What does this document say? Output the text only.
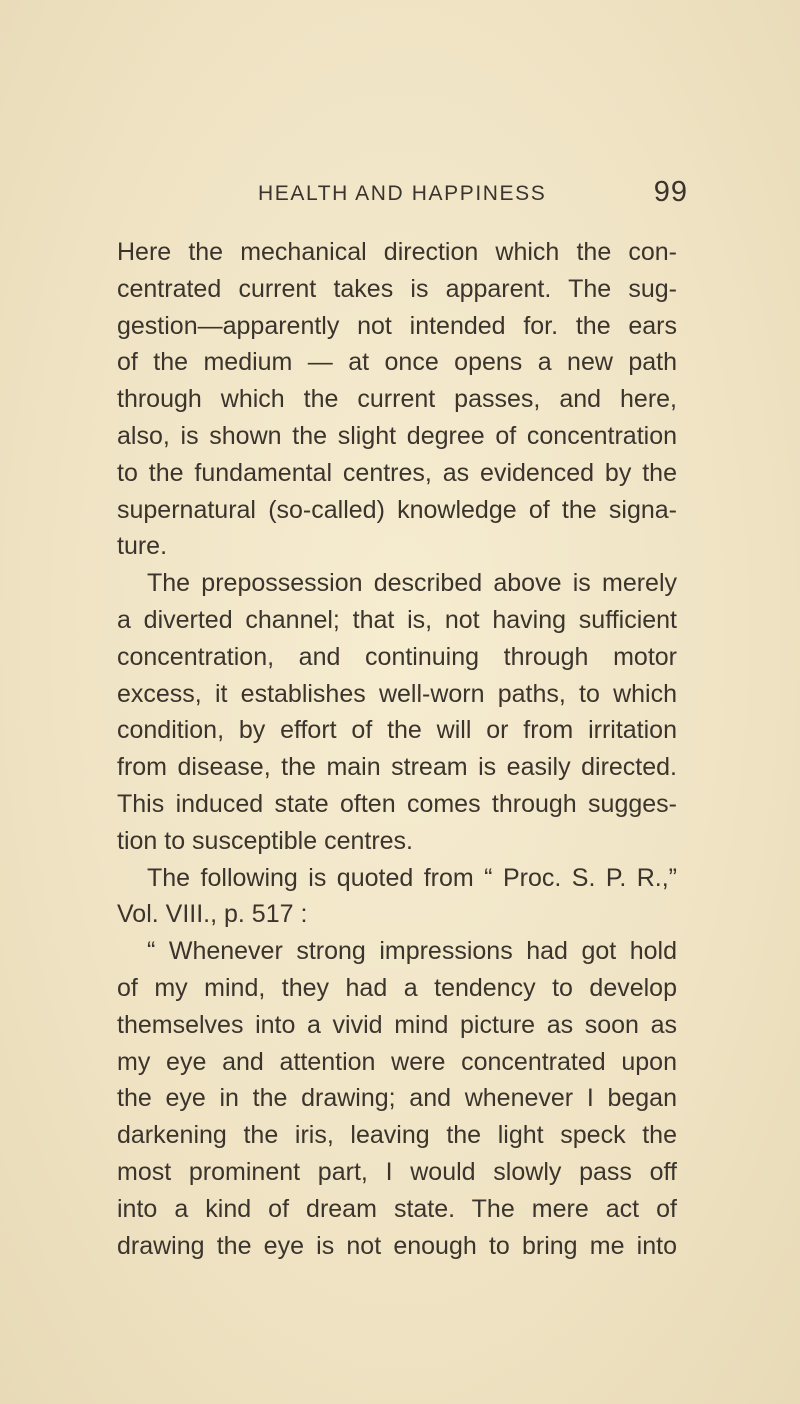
HEALTH AND HAPPINESS	99
Here the mechanical direction which the con-
centrated current takes is apparent. The sug-
gestion—apparently not intended for. the ears
of the medium — at once opens a new path
through which the current passes, and here,
also, is shown the slight degree of concentration
to the fundamental centres, as evidenced by the
supernatural (so-called) knowledge of the signa-
ture.
The prepossession described above is merely
a diverted channel; that is, not having sufficient
concentration, and continuing through motor
excess, it establishes well-worn paths, to which
condition, by effort of the will or from irritation
from disease, the main stream is easily directed.
This induced state often comes through sugges-
tion to susceptible centres.
The following is quoted from “ Proc. S. P. R.,”
Vol. VIII., p. 517 :
“ Whenever strong impressions had got hold
of my mind, they had a tendency to develop
themselves into a vivid mind picture as soon as
my eye and attention were concentrated upon
the eye in the drawing; and whenever I began
darkening the iris, leaving the light speck the
most prominent part, I would slowly pass off
into a kind of dream state. The mere act of
drawing the eye is not enough to bring me into
